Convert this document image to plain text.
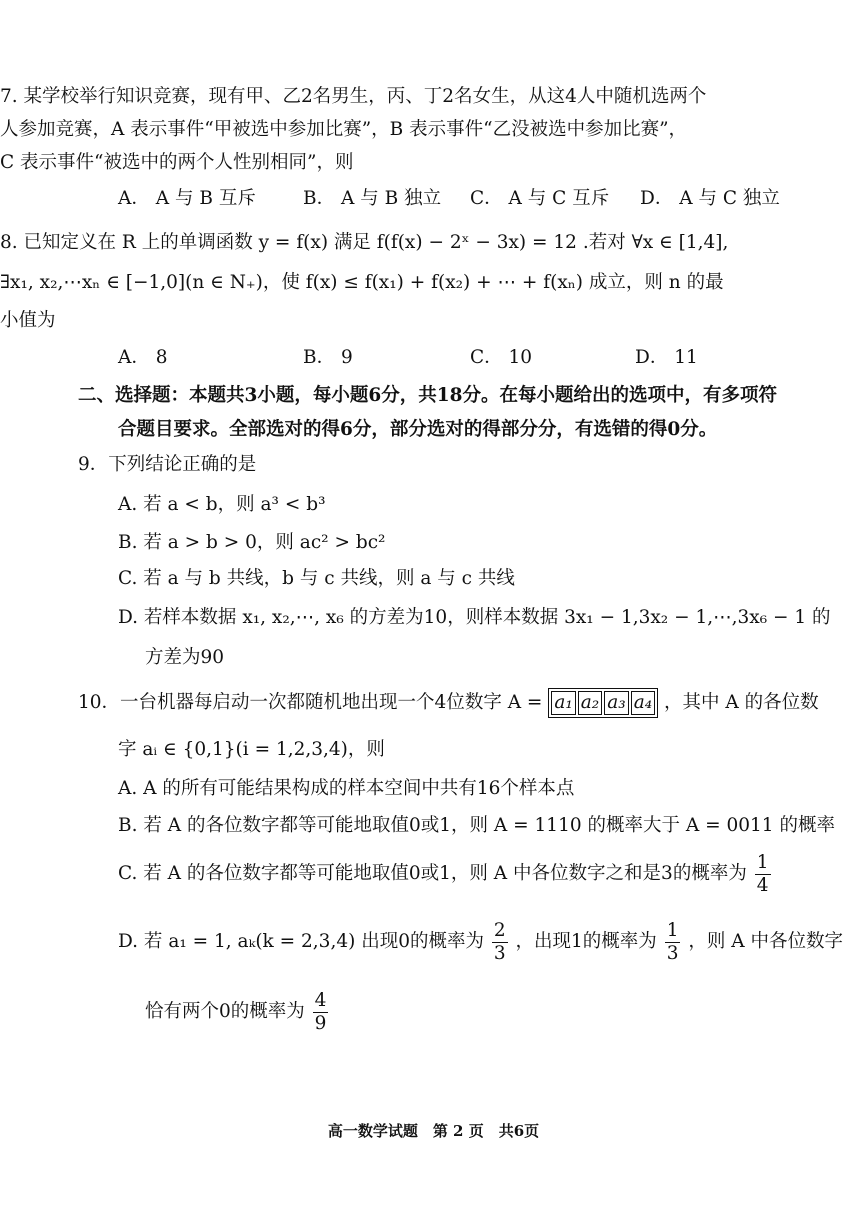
7. 某学校举行知识竞赛，现有甲、乙2名男生，丙、丁2名女生，从这4人中随机选两个
人参加竞赛，A 表示事件“甲被选中参加比赛”，B 表示事件“乙没被选中参加比赛”，
C 表示事件“被选中的两个人性别相同”，则
A． A 与 B 互斥	B． A 与 B 独立 C． A 与 C 互斥 D． A 与 C 独立
8. 已知定义在 R 上的单调函数 y = f(x) 满足 f(f(x) − 2ˣ − 3x) = 12 .若对 ∀x ∈ [1,4],
∃x₁, x₂,⋯xₙ ∈ [−1,0](n ∈ N₊)，使 f(x) ≤ f(x₁) + f(x₂) + ⋯ + f(xₙ) 成立，则 n 的最
小值为
A． 8	B． 9	C． 10	D． 11
二、选择题：本题共3小题，每小题6分，共18分。在每小题给出的选项中，有多项符
合题目要求。全部选对的得6分，部分选对的得部分分，有选错的得0分。
9．下列结论正确的是
A. 若 a < b，则 a³ < b³
B. 若 a > b > 0，则 ac² > bc²
C. 若 a 与 b 共线，b 与 c 共线，则 a 与 c 共线
D. 若样本数据 x₁, x₂,⋯, x₆ 的方差为10，则样本数据 3x₁ − 1,3x₂ − 1,⋯,3x₆ − 1 的
方差为90
10．一台机器每启动一次都随机地出现一个4位数字 A = a₁ a₂ a₃ a₄ ，其中 A 的各位数
字 aᵢ ∈ {0,1}(i = 1,2,3,4)，则
A. A 的所有可能结果构成的样本空间中共有16个样本点
B. 若 A 的各位数字都等可能地取值0或1，则 A = 1110 的概率大于 A = 0011 的概率
C. 若 A 的各位数字都等可能地取值0或1，则 A 中各位数字之和是3的概率为 $\frac{1}{4}$
D. 若 a₁ = 1, aₖ(k = 2,3,4) 出现0的概率为 $\frac{2}{3}$ ，出现1的概率为 $\frac{1}{3}$ ，则 A 中各位数字
恰有两个0的概率为 $\frac{4}{9}$
高一数学试题　第 2 页　共6页
